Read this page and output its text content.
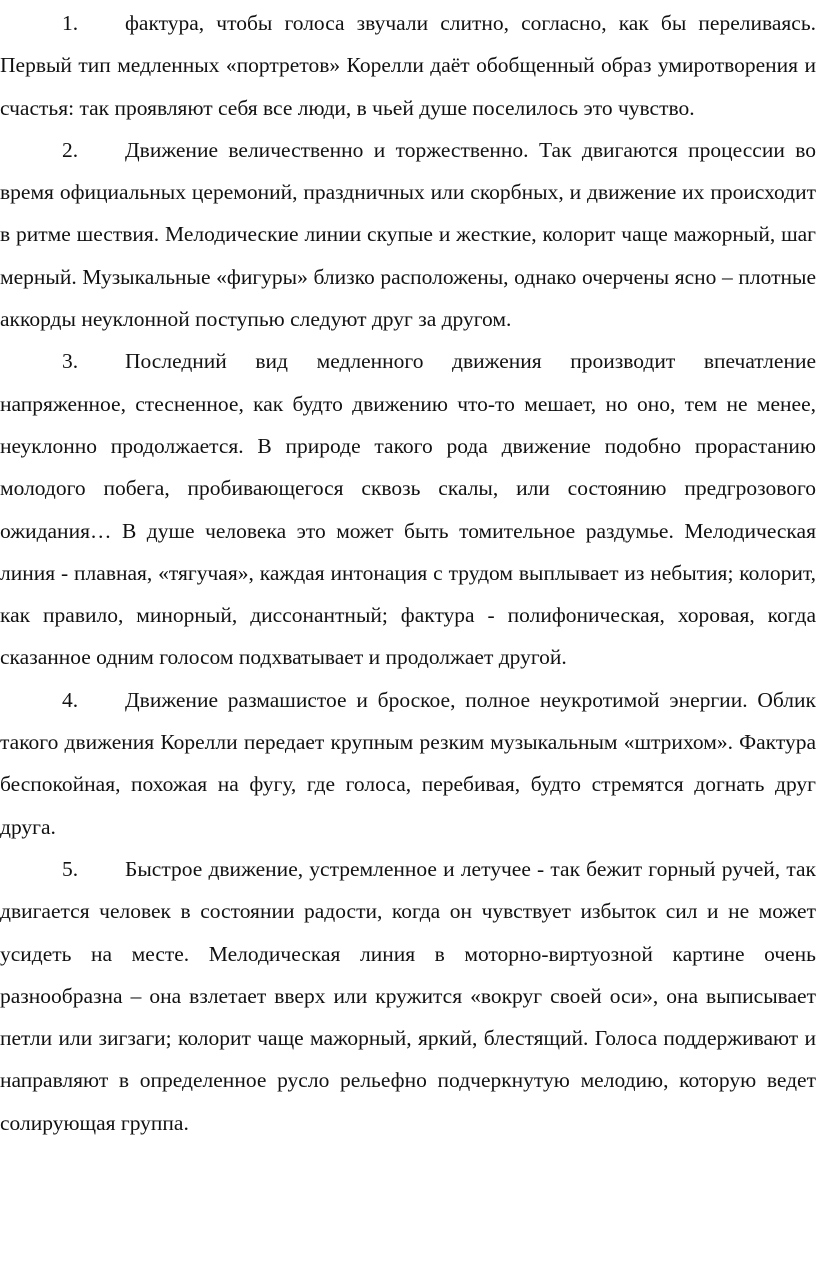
1. фактура, чтобы голоса звучали слитно, согласно, как бы переливаясь. Первый тип медленных «портретов» Корелли даёт обобщенный образ умиротворения и счастья: так проявляют себя все люди, в чьей душе поселилось это чувство.

2. Движение величественно и торжественно. Так двигаются процессии во время официальных церемоний, праздничных или скорбных, и движение их происходит в ритме шествия. Мелодические линии скупые и жесткие, колорит чаще мажорный, шаг мерный. Музыкальные «фигуры» близко расположены, однако очерчены ясно – плотные аккорды неуклонной поступью следуют друг за другом.

3. Последний вид медленного движения производит впечатление напряженное, стесненное, как будто движению что-то мешает, но оно, тем не менее, неуклонно продолжается. В природе такого рода движение подобно прорастанию молодого побега, пробивающегося сквозь скалы, или состоянию предгрозового ожидания… В душе человека это может быть томительное раздумье. Мелодическая линия - плавная, «тягучая», каждая интонация с трудом выплывает из небытия; колорит, как правило, минорный, диссонантный; фактура - полифоническая, хоровая, когда сказанное одним голосом подхватывает и продолжает другой.

4. Движение размашистое и броское, полное неукротимой энергии. Облик такого движения Корелли передает крупным резким музыкальным «штрихом». Фактура беспокойная, похожая на фугу, где голоса, перебивая, будто стремятся догнать друг друга.

5. Быстрое движение, устремленное и летучее - так бежит горный ручей, так двигается человек в состоянии радости, когда он чувствует избыток сил и не может усидеть на месте. Мелодическая линия в моторно-виртуозной картине очень разнообразна – она взлетает вверх или кружится «вокруг своей оси», она выписывает петли или зигзаги; колорит чаще мажорный, яркий, блестящий. Голоса поддерживают и направляют в определенное русло рельефно подчеркнутую мелодию, которую ведет солирующая группа.
